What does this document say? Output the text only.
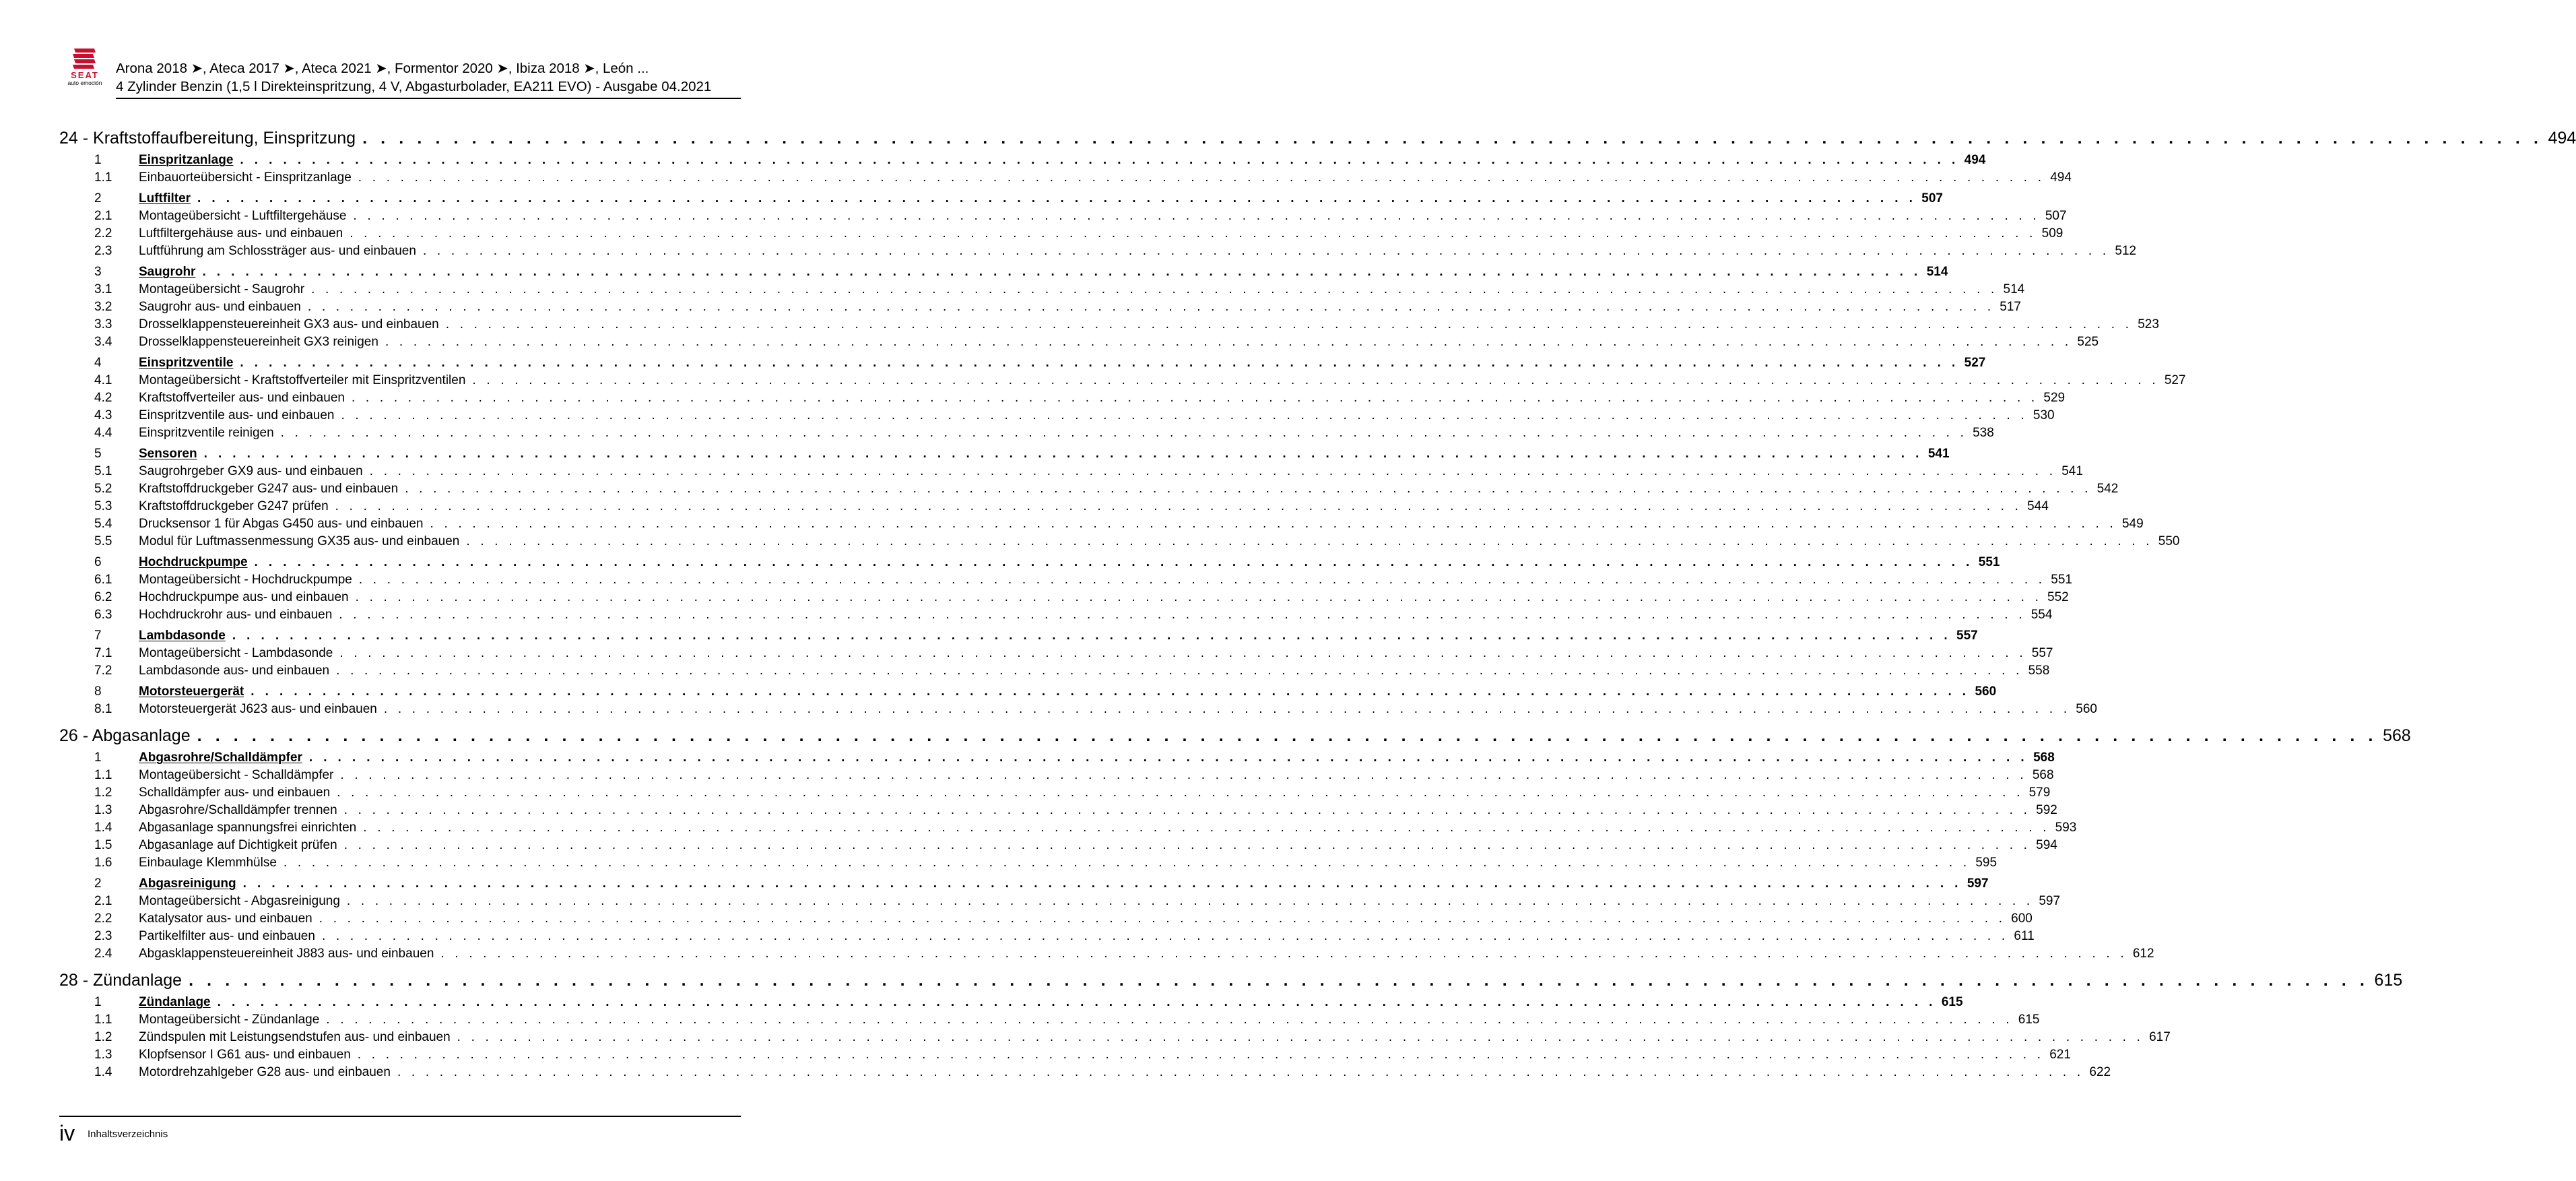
SEAT
auto emoción
Arona 2018 ➤, Ateca 2017 ➤, Ateca 2021 ➤, Formentor 2020 ➤, Ibiza 2018 ➤, León ...
4 Zylinder Benzin (1,5 l Direkteinspritzung, 4 V, Abgasturbolader, EA211 EVO) - Ausgabe 04.2021
24 - Kraftstoffaufbereitung, Einspritzung . . . . . . . . . . . . . . . . . . . . . . . . . . . . . . . . . . . . . . . . . . . . . . . . . . . . . . . . . . . . . . . . . . . . . . . . . . . . . . . . . . . . . . . . . . . . . . . . . . . . . . . . . . . . . . . . . . . . . . . . 494
1	Einspritzanlage . . . . . . . . . . . . . . . . . . . . . . . . . . . . . . . . . . . . . . . . . . . . . . . . . . . . . . . . . . . . . . . . . . . . . . . . . . . . . . . . . . . . . . . . . . . . . . . . . . . . . . . . . . . . . . . . . . . . . . . . 494
1.1	Einbauorteübersicht - Einspritzanlage . . . . . . . . . . . . . . . . . . . . . . . . . . . . . . . . . . . . . . . . . . . . . . . . . . . . . . . . . . . . . . . . . . . . . . . . . . . . . . . . . . . . . . . . . . . . . . . . . . . . . . . . . . . . . . . . . . . . . . . . 494
2	Luftfilter . . . . . . . . . . . . . . . . . . . . . . . . . . . . . . . . . . . . . . . . . . . . . . . . . . . . . . . . . . . . . . . . . . . . . . . . . . . . . . . . . . . . . . . . . . . . . . . . . . . . . . . . . . . . . . . . . . . . . . . . 507
2.1	Montageübersicht - Luftfiltergehäuse . . . . . . . . . . . . . . . . . . . . . . . . . . . . . . . . . . . . . . . . . . . . . . . . . . . . . . . . . . . . . . . . . . . . . . . . . . . . . . . . . . . . . . . . . . . . . . . . . . . . . . . . . . . . . . . . . . . . . . . . 507
2.2	Luftfiltergehäuse aus- und einbauen . . . . . . . . . . . . . . . . . . . . . . . . . . . . . . . . . . . . . . . . . . . . . . . . . . . . . . . . . . . . . . . . . . . . . . . . . . . . . . . . . . . . . . . . . . . . . . . . . . . . . . . . . . . . . . . . . . . . . . . . 509
2.3	Luftführung am Schlossträger aus- und einbauen . . . . . . . . . . . . . . . . . . . . . . . . . . . . . . . . . . . . . . . . . . . . . . . . . . . . . . . . . . . . . . . . . . . . . . . . . . . . . . . . . . . . . . . . . . . . . . . . . . . . . . . . . . . . . . . . . . . . . . . . 512
3	Saugrohr . . . . . . . . . . . . . . . . . . . . . . . . . . . . . . . . . . . . . . . . . . . . . . . . . . . . . . . . . . . . . . . . . . . . . . . . . . . . . . . . . . . . . . . . . . . . . . . . . . . . . . . . . . . . . . . . . . . . . . . . 514
3.1	Montageübersicht - Saugrohr . . . . . . . . . . . . . . . . . . . . . . . . . . . . . . . . . . . . . . . . . . . . . . . . . . . . . . . . . . . . . . . . . . . . . . . . . . . . . . . . . . . . . . . . . . . . . . . . . . . . . . . . . . . . . . . . . . . . . . . . 514
3.2	Saugrohr aus- und einbauen . . . . . . . . . . . . . . . . . . . . . . . . . . . . . . . . . . . . . . . . . . . . . . . . . . . . . . . . . . . . . . . . . . . . . . . . . . . . . . . . . . . . . . . . . . . . . . . . . . . . . . . . . . . . . . . . . . . . . . . . 517
3.3	Drosselklappensteuereinheit GX3 aus- und einbauen . . . . . . . . . . . . . . . . . . . . . . . . . . . . . . . . . . . . . . . . . . . . . . . . . . . . . . . . . . . . . . . . . . . . . . . . . . . . . . . . . . . . . . . . . . . . . . . . . . . . . . . . . . . . . . . . . . . . . . . . 523
3.4	Drosselklappensteuereinheit GX3 reinigen . . . . . . . . . . . . . . . . . . . . . . . . . . . . . . . . . . . . . . . . . . . . . . . . . . . . . . . . . . . . . . . . . . . . . . . . . . . . . . . . . . . . . . . . . . . . . . . . . . . . . . . . . . . . . . . . . . . . . . . . 525
4	Einspritzventile . . . . . . . . . . . . . . . . . . . . . . . . . . . . . . . . . . . . . . . . . . . . . . . . . . . . . . . . . . . . . . . . . . . . . . . . . . . . . . . . . . . . . . . . . . . . . . . . . . . . . . . . . . . . . . . . . . . . . . . . 527
4.1	Montageübersicht - Kraftstoffverteiler mit Einspritzventilen . . . . . . . . . . . . . . . . . . . . . . . . . . . . . . . . . . . . . . . . . . . . . . . . . . . . . . . . . . . . . . . . . . . . . . . . . . . . . . . . . . . . . . . . . . . . . . . . . . . . . . . . . . . . . . . . . . . . . . . . 527
4.2	Kraftstoffverteiler aus- und einbauen . . . . . . . . . . . . . . . . . . . . . . . . . . . . . . . . . . . . . . . . . . . . . . . . . . . . . . . . . . . . . . . . . . . . . . . . . . . . . . . . . . . . . . . . . . . . . . . . . . . . . . . . . . . . . . . . . . . . . . . . 529
4.3	Einspritzventile aus- und einbauen . . . . . . . . . . . . . . . . . . . . . . . . . . . . . . . . . . . . . . . . . . . . . . . . . . . . . . . . . . . . . . . . . . . . . . . . . . . . . . . . . . . . . . . . . . . . . . . . . . . . . . . . . . . . . . . . . . . . . . . . 530
4.4	Einspritzventile reinigen . . . . . . . . . . . . . . . . . . . . . . . . . . . . . . . . . . . . . . . . . . . . . . . . . . . . . . . . . . . . . . . . . . . . . . . . . . . . . . . . . . . . . . . . . . . . . . . . . . . . . . . . . . . . . . . . . . . . . . . . 538
5	Sensoren . . . . . . . . . . . . . . . . . . . . . . . . . . . . . . . . . . . . . . . . . . . . . . . . . . . . . . . . . . . . . . . . . . . . . . . . . . . . . . . . . . . . . . . . . . . . . . . . . . . . . . . . . . . . . . . . . . . . . . . . 541
5.1	Saugrohrgeber GX9 aus- und einbauen . . . . . . . . . . . . . . . . . . . . . . . . . . . . . . . . . . . . . . . . . . . . . . . . . . . . . . . . . . . . . . . . . . . . . . . . . . . . . . . . . . . . . . . . . . . . . . . . . . . . . . . . . . . . . . . . . . . . . . . . 541
5.2	Kraftstoffdruckgeber G247 aus- und einbauen . . . . . . . . . . . . . . . . . . . . . . . . . . . . . . . . . . . . . . . . . . . . . . . . . . . . . . . . . . . . . . . . . . . . . . . . . . . . . . . . . . . . . . . . . . . . . . . . . . . . . . . . . . . . . . . . . . . . . . . . 542
5.3	Kraftstoffdruckgeber G247 prüfen . . . . . . . . . . . . . . . . . . . . . . . . . . . . . . . . . . . . . . . . . . . . . . . . . . . . . . . . . . . . . . . . . . . . . . . . . . . . . . . . . . . . . . . . . . . . . . . . . . . . . . . . . . . . . . . . . . . . . . . . 544
5.4	Drucksensor 1 für Abgas G450 aus- und einbauen . . . . . . . . . . . . . . . . . . . . . . . . . . . . . . . . . . . . . . . . . . . . . . . . . . . . . . . . . . . . . . . . . . . . . . . . . . . . . . . . . . . . . . . . . . . . . . . . . . . . . . . . . . . . . . . . . . . . . . . . 549
5.5	Modul für Luftmassenmessung GX35 aus- und einbauen . . . . . . . . . . . . . . . . . . . . . . . . . . . . . . . . . . . . . . . . . . . . . . . . . . . . . . . . . . . . . . . . . . . . . . . . . . . . . . . . . . . . . . . . . . . . . . . . . . . . . . . . . . . . . . . . . . . . . . . . 550
6	Hochdruckpumpe . . . . . . . . . . . . . . . . . . . . . . . . . . . . . . . . . . . . . . . . . . . . . . . . . . . . . . . . . . . . . . . . . . . . . . . . . . . . . . . . . . . . . . . . . . . . . . . . . . . . . . . . . . . . . . . . . . . . . . . . 551
6.1	Montageübersicht - Hochdruckpumpe . . . . . . . . . . . . . . . . . . . . . . . . . . . . . . . . . . . . . . . . . . . . . . . . . . . . . . . . . . . . . . . . . . . . . . . . . . . . . . . . . . . . . . . . . . . . . . . . . . . . . . . . . . . . . . . . . . . . . . . . 551
6.2	Hochdruckpumpe aus- und einbauen . . . . . . . . . . . . . . . . . . . . . . . . . . . . . . . . . . . . . . . . . . . . . . . . . . . . . . . . . . . . . . . . . . . . . . . . . . . . . . . . . . . . . . . . . . . . . . . . . . . . . . . . . . . . . . . . . . . . . . . . 552
6.3	Hochdruckrohr aus- und einbauen . . . . . . . . . . . . . . . . . . . . . . . . . . . . . . . . . . . . . . . . . . . . . . . . . . . . . . . . . . . . . . . . . . . . . . . . . . . . . . . . . . . . . . . . . . . . . . . . . . . . . . . . . . . . . . . . . . . . . . . . 554
7	Lambdasonde . . . . . . . . . . . . . . . . . . . . . . . . . . . . . . . . . . . . . . . . . . . . . . . . . . . . . . . . . . . . . . . . . . . . . . . . . . . . . . . . . . . . . . . . . . . . . . . . . . . . . . . . . . . . . . . . . . . . . . . . 557
7.1	Montageübersicht - Lambdasonde . . . . . . . . . . . . . . . . . . . . . . . . . . . . . . . . . . . . . . . . . . . . . . . . . . . . . . . . . . . . . . . . . . . . . . . . . . . . . . . . . . . . . . . . . . . . . . . . . . . . . . . . . . . . . . . . . . . . . . . . 557
7.2	Lambdasonde aus- und einbauen . . . . . . . . . . . . . . . . . . . . . . . . . . . . . . . . . . . . . . . . . . . . . . . . . . . . . . . . . . . . . . . . . . . . . . . . . . . . . . . . . . . . . . . . . . . . . . . . . . . . . . . . . . . . . . . . . . . . . . . . 558
8	Motorsteuergerät . . . . . . . . . . . . . . . . . . . . . . . . . . . . . . . . . . . . . . . . . . . . . . . . . . . . . . . . . . . . . . . . . . . . . . . . . . . . . . . . . . . . . . . . . . . . . . . . . . . . . . . . . . . . . . . . . . . . . . . . 560
8.1	Motorsteuergerät J623 aus- und einbauen . . . . . . . . . . . . . . . . . . . . . . . . . . . . . . . . . . . . . . . . . . . . . . . . . . . . . . . . . . . . . . . . . . . . . . . . . . . . . . . . . . . . . . . . . . . . . . . . . . . . . . . . . . . . . . . . . . . . . . . . 560
26 - Abgasanlage . . . . . . . . . . . . . . . . . . . . . . . . . . . . . . . . . . . . . . . . . . . . . . . . . . . . . . . . . . . . . . . . . . . . . . . . . . . . . . . . . . . . . . . . . . . . . . . . . . . . . . . . . . . . . . . . . . . . . . . . 568
1	Abgasrohre/Schalldämpfer . . . . . . . . . . . . . . . . . . . . . . . . . . . . . . . . . . . . . . . . . . . . . . . . . . . . . . . . . . . . . . . . . . . . . . . . . . . . . . . . . . . . . . . . . . . . . . . . . . . . . . . . . . . . . . . . . . . . . . . . 568
1.1	Montageübersicht - Schalldämpfer . . . . . . . . . . . . . . . . . . . . . . . . . . . . . . . . . . . . . . . . . . . . . . . . . . . . . . . . . . . . . . . . . . . . . . . . . . . . . . . . . . . . . . . . . . . . . . . . . . . . . . . . . . . . . . . . . . . . . . . . 568
1.2	Schalldämpfer aus- und einbauen . . . . . . . . . . . . . . . . . . . . . . . . . . . . . . . . . . . . . . . . . . . . . . . . . . . . . . . . . . . . . . . . . . . . . . . . . . . . . . . . . . . . . . . . . . . . . . . . . . . . . . . . . . . . . . . . . . . . . . . . 579
1.3	Abgasrohre/Schalldämpfer trennen . . . . . . . . . . . . . . . . . . . . . . . . . . . . . . . . . . . . . . . . . . . . . . . . . . . . . . . . . . . . . . . . . . . . . . . . . . . . . . . . . . . . . . . . . . . . . . . . . . . . . . . . . . . . . . . . . . . . . . . . 592
1.4	Abgasanlage spannungsfrei einrichten . . . . . . . . . . . . . . . . . . . . . . . . . . . . . . . . . . . . . . . . . . . . . . . . . . . . . . . . . . . . . . . . . . . . . . . . . . . . . . . . . . . . . . . . . . . . . . . . . . . . . . . . . . . . . . . . . . . . . . . . 593
1.5	Abgasanlage auf Dichtigkeit prüfen . . . . . . . . . . . . . . . . . . . . . . . . . . . . . . . . . . . . . . . . . . . . . . . . . . . . . . . . . . . . . . . . . . . . . . . . . . . . . . . . . . . . . . . . . . . . . . . . . . . . . . . . . . . . . . . . . . . . . . . . 594
1.6	Einbaulage Klemmhülse . . . . . . . . . . . . . . . . . . . . . . . . . . . . . . . . . . . . . . . . . . . . . . . . . . . . . . . . . . . . . . . . . . . . . . . . . . . . . . . . . . . . . . . . . . . . . . . . . . . . . . . . . . . . . . . . . . . . . . . . 595
2	Abgasreinigung . . . . . . . . . . . . . . . . . . . . . . . . . . . . . . . . . . . . . . . . . . . . . . . . . . . . . . . . . . . . . . . . . . . . . . . . . . . . . . . . . . . . . . . . . . . . . . . . . . . . . . . . . . . . . . . . . . . . . . . . 597
2.1	Montageübersicht - Abgasreinigung . . . . . . . . . . . . . . . . . . . . . . . . . . . . . . . . . . . . . . . . . . . . . . . . . . . . . . . . . . . . . . . . . . . . . . . . . . . . . . . . . . . . . . . . . . . . . . . . . . . . . . . . . . . . . . . . . . . . . . . . 597
2.2	Katalysator aus- und einbauen . . . . . . . . . . . . . . . . . . . . . . . . . . . . . . . . . . . . . . . . . . . . . . . . . . . . . . . . . . . . . . . . . . . . . . . . . . . . . . . . . . . . . . . . . . . . . . . . . . . . . . . . . . . . . . . . . . . . . . . . 600
2.3	Partikelfilter aus- und einbauen . . . . . . . . . . . . . . . . . . . . . . . . . . . . . . . . . . . . . . . . . . . . . . . . . . . . . . . . . . . . . . . . . . . . . . . . . . . . . . . . . . . . . . . . . . . . . . . . . . . . . . . . . . . . . . . . . . . . . . . . 611
2.4	Abgasklappensteuereinheit J883 aus- und einbauen . . . . . . . . . . . . . . . . . . . . . . . . . . . . . . . . . . . . . . . . . . . . . . . . . . . . . . . . . . . . . . . . . . . . . . . . . . . . . . . . . . . . . . . . . . . . . . . . . . . . . . . . . . . . . . . . . . . . . . . . 612
28 - Zündanlage . . . . . . . . . . . . . . . . . . . . . . . . . . . . . . . . . . . . . . . . . . . . . . . . . . . . . . . . . . . . . . . . . . . . . . . . . . . . . . . . . . . . . . . . . . . . . . . . . . . . . . . . . . . . . . . . . . . . . . . . 615
1	Zündanlage . . . . . . . . . . . . . . . . . . . . . . . . . . . . . . . . . . . . . . . . . . . . . . . . . . . . . . . . . . . . . . . . . . . . . . . . . . . . . . . . . . . . . . . . . . . . . . . . . . . . . . . . . . . . . . . . . . . . . . . . 615
1.1	Montageübersicht - Zündanlage . . . . . . . . . . . . . . . . . . . . . . . . . . . . . . . . . . . . . . . . . . . . . . . . . . . . . . . . . . . . . . . . . . . . . . . . . . . . . . . . . . . . . . . . . . . . . . . . . . . . . . . . . . . . . . . . . . . . . . . . 615
1.2	Zündspulen mit Leistungsendstufen aus- und einbauen . . . . . . . . . . . . . . . . . . . . . . . . . . . . . . . . . . . . . . . . . . . . . . . . . . . . . . . . . . . . . . . . . . . . . . . . . . . . . . . . . . . . . . . . . . . . . . . . . . . . . . . . . . . . . . . . . . . . . . . . 617
1.3	Klopfsensor I G61 aus- und einbauen . . . . . . . . . . . . . . . . . . . . . . . . . . . . . . . . . . . . . . . . . . . . . . . . . . . . . . . . . . . . . . . . . . . . . . . . . . . . . . . . . . . . . . . . . . . . . . . . . . . . . . . . . . . . . . . . . . . . . . . . 621
1.4	Motordrehzahlgeber G28 aus- und einbauen . . . . . . . . . . . . . . . . . . . . . . . . . . . . . . . . . . . . . . . . . . . . . . . . . . . . . . . . . . . . . . . . . . . . . . . . . . . . . . . . . . . . . . . . . . . . . . . . . . . . . . . . . . . . . . . . . . . . . . . . 622
iv Inhaltsverzeichnis
